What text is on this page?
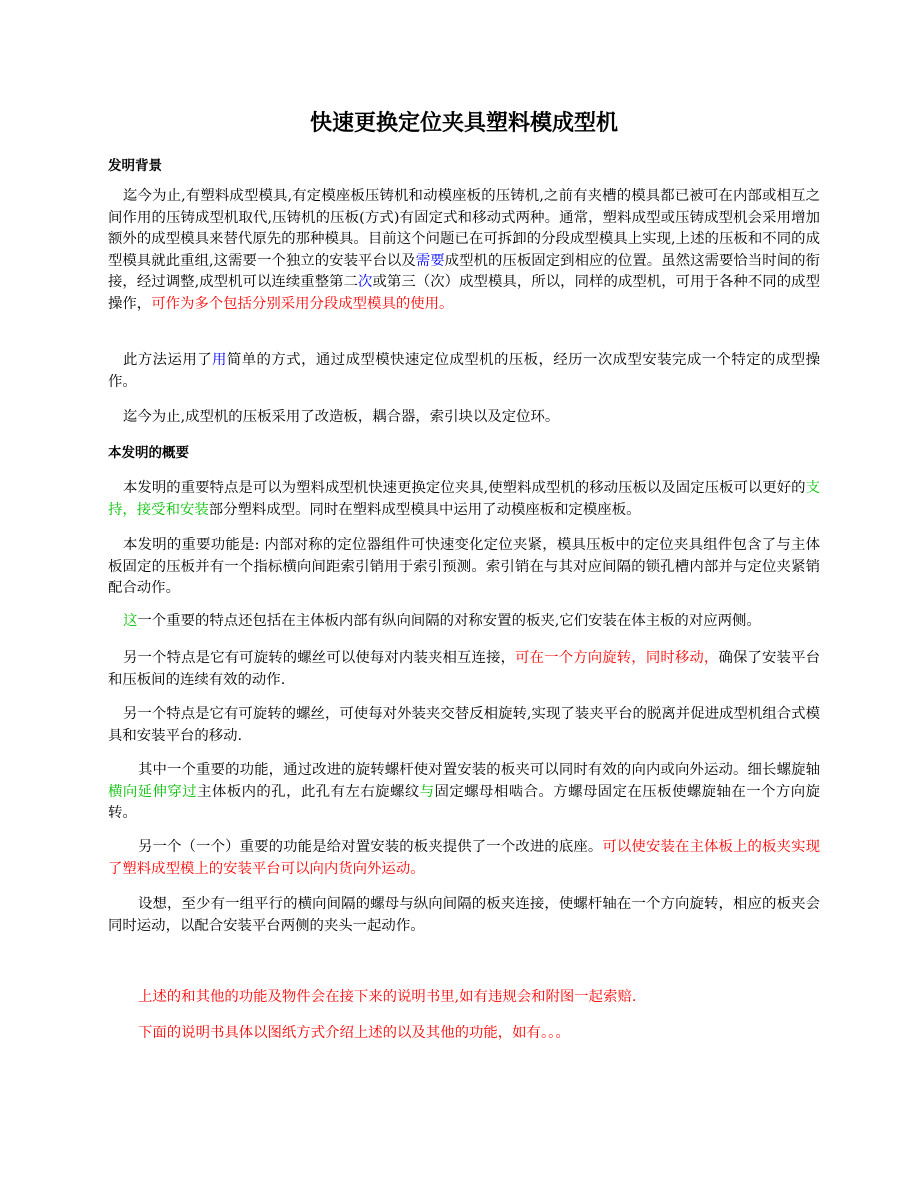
快速更换定位夹具塑料模成型机
发明背景

迄今为止,有塑料成型模具,有定模座板压铸机和动模座板的压铸机,之前有夹槽的模具都已被可在内部或相互之间作用的压铸成型机取代,压铸机的压板(方式)有固定式和移动式两种。通常，塑料成型或压铸成型机会采用增加额外的成型模具来替代原先的那种模具。目前这个问题已在可拆卸的分段成型模具上实现,上述的压板和不同的成型模具就此重组,这需要一个独立的安装平台以及需要成型机的压板固定到相应的位置。虽然这需要恰当时间的衔接，经过调整,成型机可以连续重整第二次或第三（次）成型模具，所以，同样的成型机，可用于各种不同的成型操作，可作为多个包括分别采用分段成型模具的使用。

此方法运用了用简单的方式，通过成型模快速定位成型机的压板，经历一次成型安装完成一个特定的成型操作。

迄今为止,成型机的压板采用了改造板，耦合器，索引块以及定位环。

本发明的概要

本发明的重要特点是可以为塑料成型机快速更换定位夹具,使塑料成型机的移动压板以及固定压板可以更好的支持，接受和安装部分塑料成型。同时在塑料成型模具中运用了动模座板和定模座板。

本发明的重要功能是: 内部对称的定位器组件可快速变化定位夹紧，模具压板中的定位夹具组件包含了与主体板固定的压板并有一个指标横向间距索引销用于索引预测。索引销在与其对应间隔的锁孔槽内部并与定位夹紧销配合动作。

这一个重要的特点还包括在主体板内部有纵向间隔的对称安置的板夹,它们安装在体主板的对应两侧。

另一个特点是它有可旋转的螺丝可以使每对内装夹相互连接，可在一个方向旋转，同时移动，确保了安装平台和压板间的连续有效的动作.

另一个特点是它有可旋转的螺丝，可使每对外装夹交替反相旋转,实现了装夹平台的脱离并促进成型机组合式模具和安装平台的移动.

其中一个重要的功能，通过改进的旋转螺杆使对置安装的板夹可以同时有效的向内或向外运动。细长螺旋轴横向延伸穿过主体板内的孔，此孔有左右旋螺纹与固定螺母相啮合。方螺母固定在压板使螺旋轴在一个方向旋转。

另一个（一个）重要的功能是给对置安装的板夹提供了一个改进的底座。可以使安装在主体板上的板夹实现了塑料成型模上的安装平台可以向内货向外运动。

设想，至少有一组平行的横向间隔的螺母与纵向间隔的板夹连接，使螺杆轴在一个方向旋转，相应的板夹会同时运动，以配合安装平台两侧的夹头一起动作。

上述的和其他的功能及物件会在接下来的说明书里,如有违规会和附图一起索赔.

下面的说明书具体以图纸方式介绍上述的以及其他的功能，如有。。。
